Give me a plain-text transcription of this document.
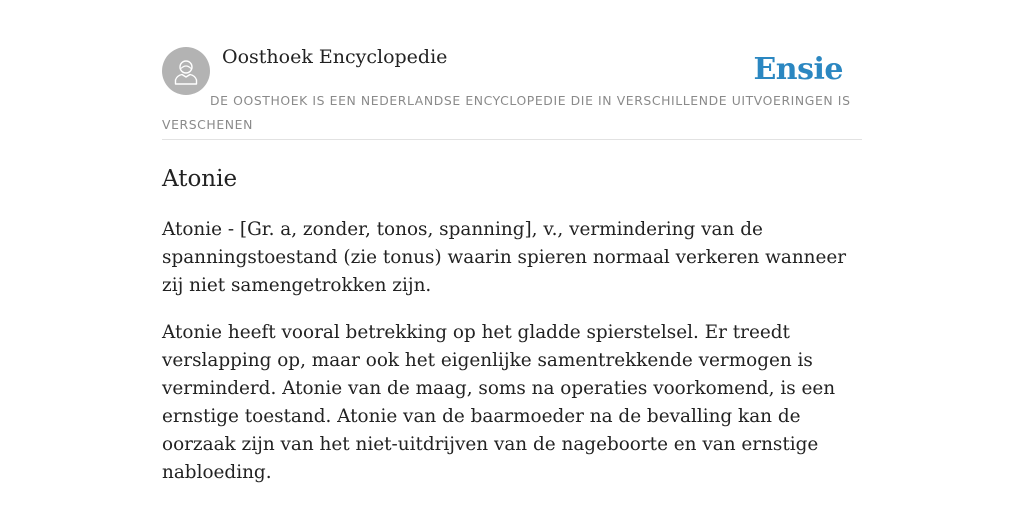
Oosthoek Encyclopedie	Ensie
DE OOSTHOEK IS EEN NEDERLANDSE ENCYCLOPEDIE DIE IN VERSCHILLENDE UITVOERINGEN IS VERSCHENEN
Atonie

Atonie - [Gr. a, zonder, tonos, spanning], v., vermindering van de spanningstoestand (zie tonus) waarin spieren normaal verkeren wanneer zij niet samengetrokken zijn.

Atonie heeft vooral betrekking op het gladde spierstelsel. Er treedt verslapping op, maar ook het eigenlijke samentrekkende vermogen is verminderd. Atonie van de maag, soms na operaties voorkomend, is een ernstige toestand. Atonie van de baarmoeder na de bevalling kan de oorzaak zijn van het niet-uitdrijven van de nageboorte en van ernstige nabloeding.
